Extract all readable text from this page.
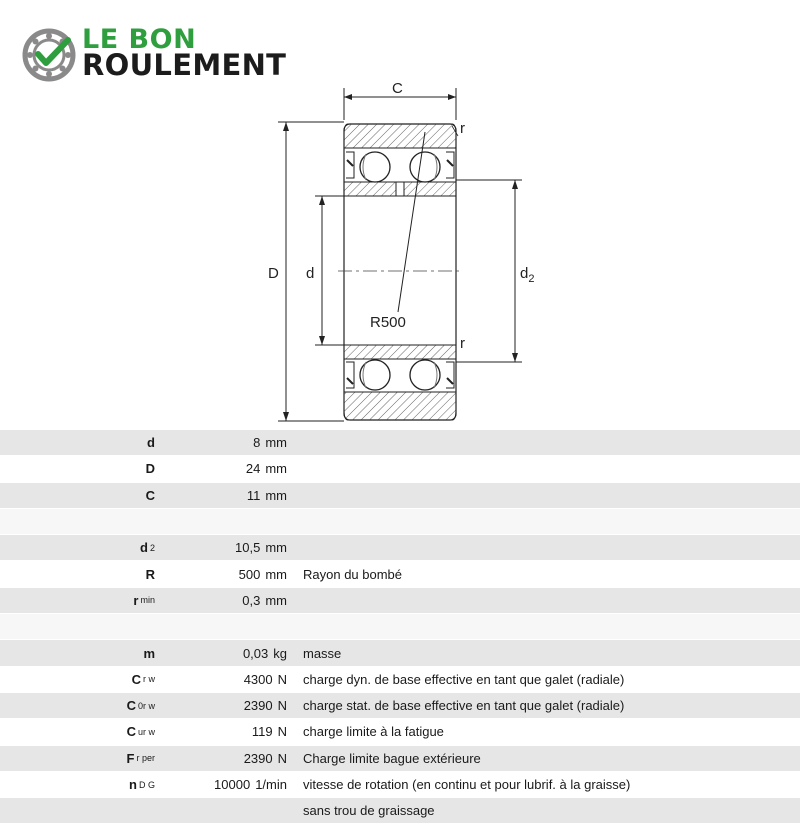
LE BON
ROULEMENT
C
D d	$d_2$
R500
r
r
d	8 mm
D	24 mm
C	11 mm
d 2	10,5 mm
R	500 mm Rayon du bombé
r min	0,3 mm
m	0,03 kg masse
C r w	4300 N charge dyn. de base effective en tant que galet (radiale)
C 0r w	2390 N charge stat. de base effective en tant que galet (radiale)
C ur w	119 N charge limite à la fatigue
F r per	2390 N Charge limite bague extérieure
n D G	10000 1/min vitesse de rotation (en continu et pour lubrif. à la graisse)
sans trou de graissage
